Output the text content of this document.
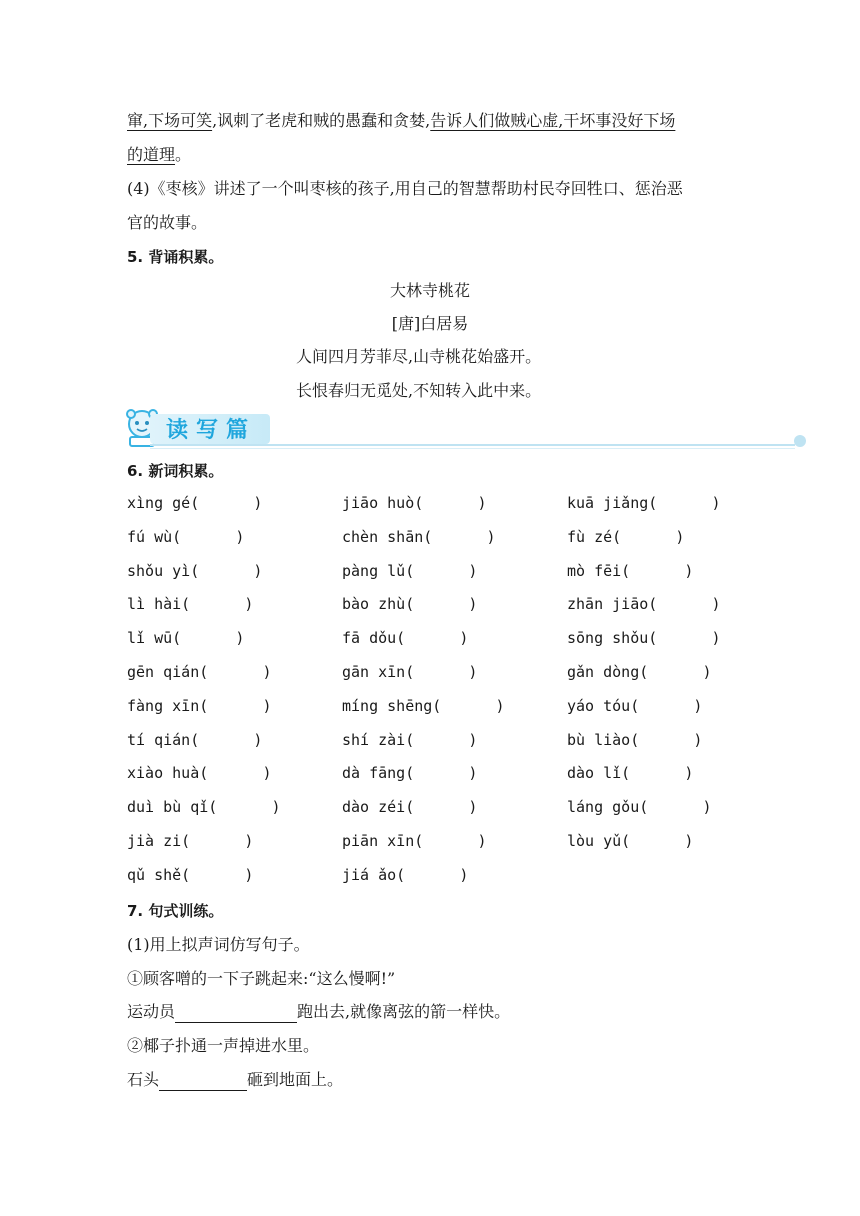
窜,下场可笑,讽刺了老虎和贼的愚蠢和贪婪,告诉人们做贼心虚,干坏事没好下场
的道理。
(4)《枣核》讲述了一个叫枣核的孩子,用自己的智慧帮助村民夺回牲口、惩治恶
官的故事。
5. 背诵积累。
大林寺桃花
[唐]白居易
人间四月芳菲尽,山寺桃花始盛开。
长恨春归无觅处,不知转入此中来。
读写篇
6. 新词积累。
xìng gé(      )	jiāo huò(      )	kuā jiǎng(      )
fú wù(      )	chèn shān(      )	fù zé(      )
shǒu yì(      )	pàng lǔ(      )	mò fēi(      )
lì hài(      )	bào zhù(      )	zhān jiāo(      )
lǐ wū(      )	fā dǒu(      )	sōng shǒu(      )
gēn qián(      )	gān xīn(      )	gǎn dòng(      )
fàng xīn(      )	míng shēng(      )	yáo tóu(      )
tí qián(      )	shí zài(      )	bù liào(      )
xiào huà(      )	dà fāng(      )	dào lǐ(      )
duì bù qǐ(      )	dào zéi(      )	láng gǒu(      )
jià zi(      )	piān xīn(      )	lòu yǔ(      )
qǔ shě(      )	jiá ǎo(      )
7. 句式训练。
(1)用上拟声词仿写句子。
①顾客噌的一下子跳起来:“这么慢啊!”
运动员	跑出去,就像离弦的箭一样快。
②椰子扑通一声掉进水里。
石头	砸到地面上。
